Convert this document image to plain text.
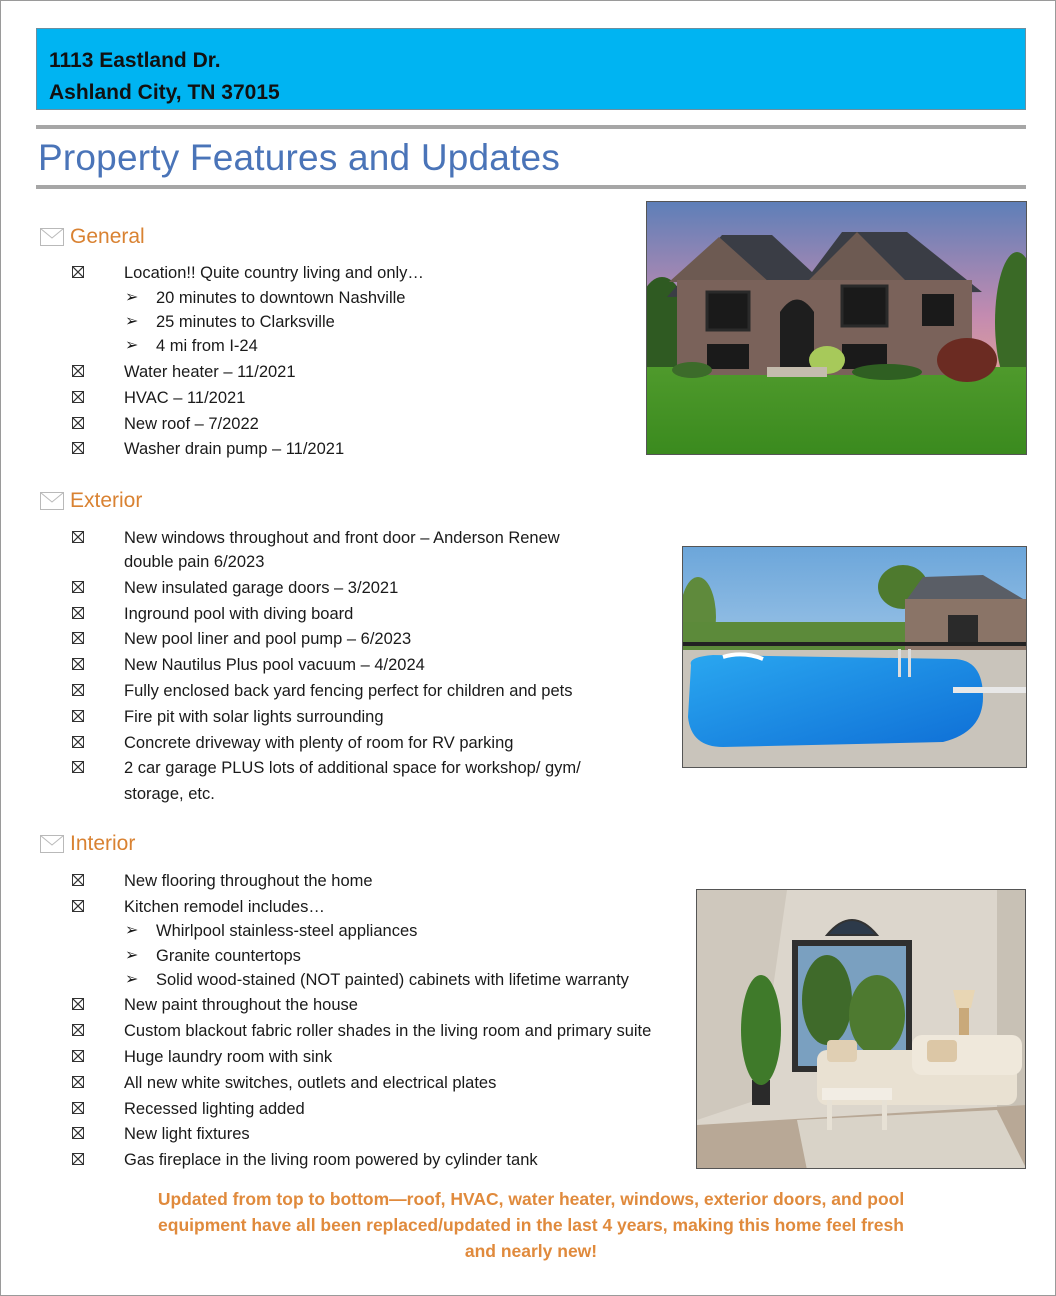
1113 Eastland Dr.
Ashland City, TN 37015
Property Features and Updates
General
Location!! Quite country living and only…
➢ 20 minutes to downtown Nashville
➢ 25 minutes to Clarksville
➢ 4 mi from I-24
Water heater – 11/2021
HVAC – 11/2021
New roof – 7/2022
Washer drain pump – 11/2021
Exterior
New windows throughout and front door – Anderson Renew
double pain 6/2023
New insulated garage doors – 3/2021
Inground pool with diving board
New pool liner and pool pump – 6/2023
New Nautilus Plus pool vacuum – 4/2024
Fully enclosed back yard fencing perfect for children and pets
Fire pit with solar lights surrounding
Concrete driveway with plenty of room for RV parking
2 car garage PLUS lots of additional space for workshop/ gym/
storage, etc.
Interior
New flooring throughout the home
Kitchen remodel includes…
➢ Whirlpool stainless-steel appliances
➢ Granite countertops
➢ Solid wood-stained (NOT painted) cabinets with lifetime warranty
New paint throughout the house
Custom blackout fabric roller shades in the living room and primary suite
Huge laundry room with sink
All new white switches, outlets and electrical plates
Recessed lighting added
New light fixtures
Gas fireplace in the living room powered by cylinder tank
Updated from top to bottom—roof, HVAC, water heater, windows, exterior doors, and pool
equipment have all been replaced/updated in the last 4 years, making this home feel fresh
and nearly new!
